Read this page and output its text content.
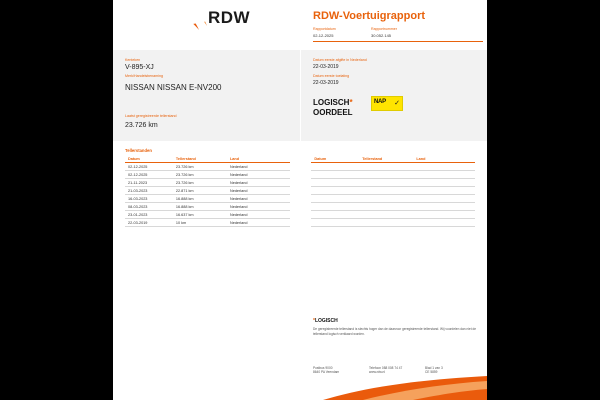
RDW	RDW-Voertuigrapport
Rapportdatum	Rapportnummer
02-12-2025	30.052.145
Kenteken
V-895-XJ
Merk/Handelsbenaming
NISSAN NISSAN E-NV200
Laatst geregistreerde tellerstand
23.726 km
Datum eerste afgifte in Nederland
22-03-2019
Datum eerste toelating
22-03-2019
LOGISCH*
OORDEEL
NAP ✓
Tellerstanden
Datum	Tellerstand	Land		Datum	Tellerstand	Land
02-12-2025	23.726 km	Nederland				
02-12-2025	23.726 km	Nederland				
21-11-2023	23.726 km	Nederland				
21-03-2023	22.871 km	Nederland				
16-03-2023	16.888 km	Nederland				
08-03-2023	16.888 km	Nederland				
23-01-2023	16.637 km	Nederland				
22-03-2019	10 km	Nederland				
*LOGISCH
De geregistreerde tellerstand is slechts hoger dan de daarvoor geregistreerde tellerstand. Wij voordelen dan niet de tellerstand logisch verklaard worden.
Postbus 9000	Telefoon 088 008 74 47	Blad 1 van 3
8640 PA Veendam	www.rdw.nl	CE 5859
